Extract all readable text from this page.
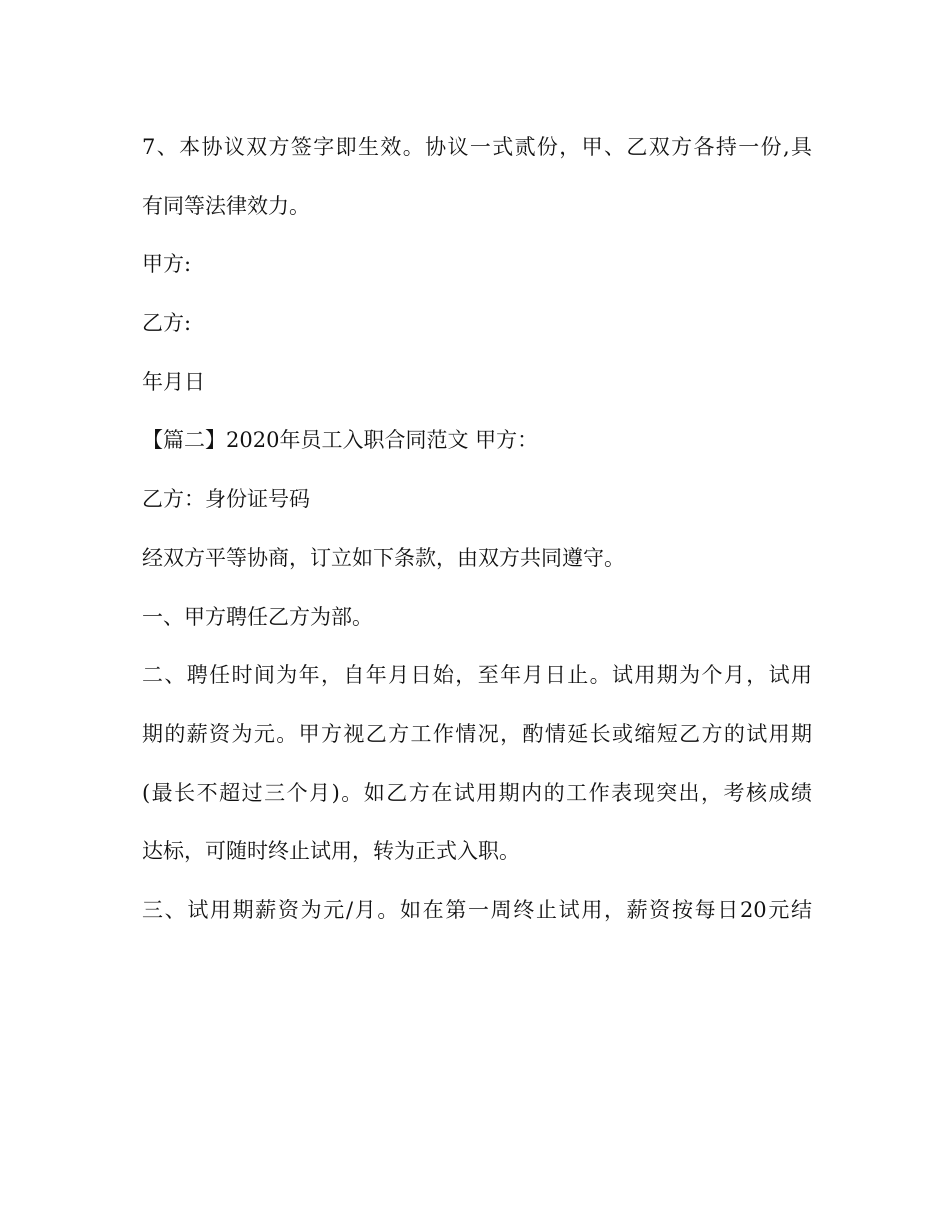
7、本协议双方签字即生效。协议一式贰份，甲、乙双方各持一份,具
有同等法律效力。
甲方:
乙方:
年月日
【篇二】2020年员工入职合同范文 甲方：
乙方：身份证号码
经双方平等协商，订立如下条款，由双方共同遵守。
一、甲方聘任乙方为部。
二、聘任时间为年，自年月日始，至年月日止。试用期为个月，试用
期的薪资为元。甲方视乙方工作情况，酌情延长或缩短乙方的试用期
(最长不超过三个月)。如乙方在试用期内的工作表现突出，考核成绩
达标，可随时终止试用，转为正式入职。
三、试用期薪资为元/月。如在第一周终止试用，薪资按每日20元结
